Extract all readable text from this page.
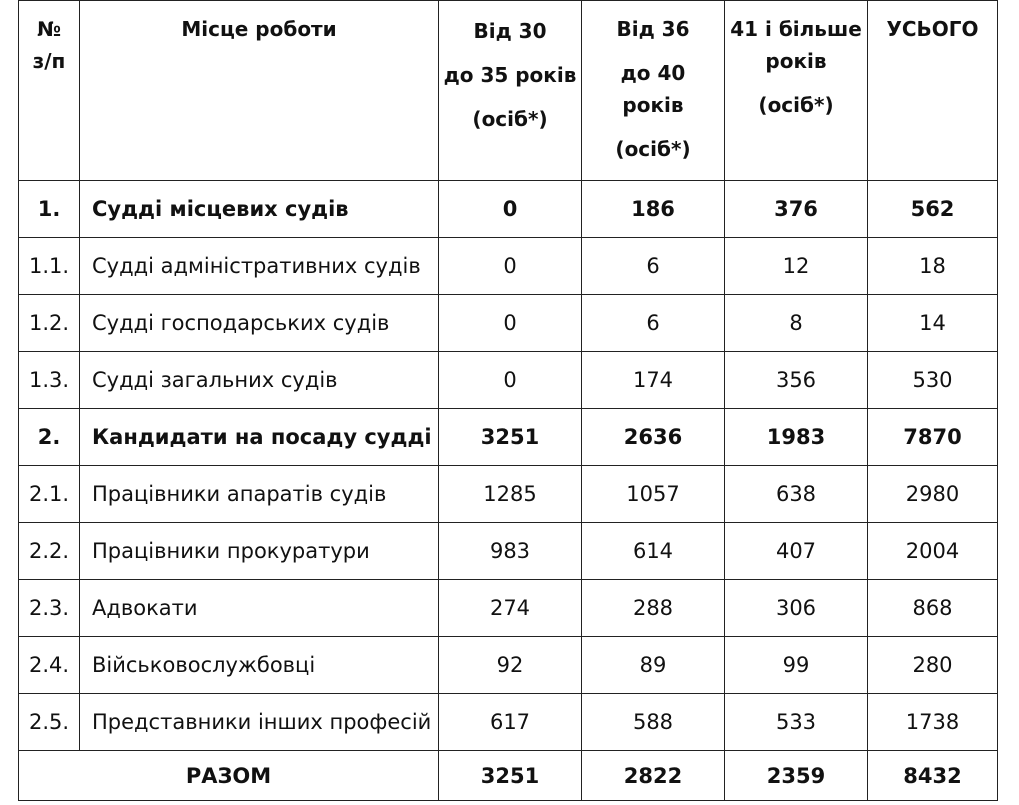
№
з/п	Місце роботи	Від 30
до 35 років
(осіб*)	Від 36
до 40
років
(осіб*)	41 і більше
років
(осіб*)	УСЬОГО

1.	Судді місцевих судів	0	186	376	562
1.1.	Судді адміністративних судів	0	6	12	18
1.2.	Судді господарських судів	0	6	8	14
1.3.	Судді загальних судів	0	174	356	530
2.	Кандидати на посаду судді	3251	2636	1983	7870
2.1.	Працівники апаратів судів	1285	1057	638	2980
2.2.	Працівники прокуратури	983	614	407	2004
2.3.	Адвокати	274	288	306	868
2.4.	Військовослужбовці	92	89	99	280
2.5.	Представники інших професій	617	588	533	1738
РАЗОМ		3251	2822	2359	8432
